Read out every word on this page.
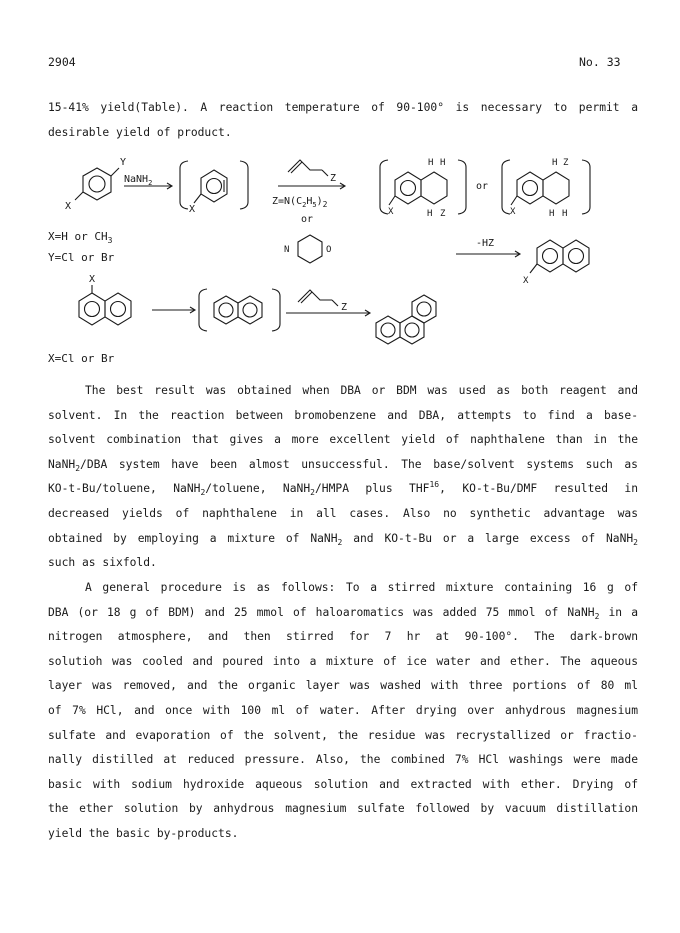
2904	No. 33
15-41% yield(Table). A reaction temperature of 90-100° is necessary to permit a
desirable yield of product.
Y
X
NaNH$_2$
X
Z
$Z=N(C_2H_5)_2$
or
N	O
X
H H
H Z
or
X
H Z
H H
-HZ
X
X=H or $CH_3$
Y=Cl or Br
X
Z
X=Cl or Br
The best result was obtained when DBA or BDM was used as both reagent and
solvent. In the reaction between bromobenzene and DBA, attempts to find a base-
solvent combination that gives a more excellent yield of naphthalene than in the
NaNH$_2$/DBA system have been almost unsuccessful. The base/solvent systems such as
KO-t-Bu/toluene, NaNH$_2$/toluene, NaNH$_2$/HMPA plus THF$^{16}$, KO-t-Bu/DMF resulted in
decreased yields of naphthalene in all cases. Also no synthetic advantage was
obtained by employing a mixture of NaNH$_2$ and KO-t-Bu or a large excess of NaNH$_2$
such as sixfold.
A general procedure is as follows: To a stirred mixture containing 16 g of
DBA (or 18 g of BDM) and 25 mmol of haloaromatics was added 75 mmol of NaNH$_2$ in a
nitrogen atmosphere, and then stirred for 7 hr at 90-100°. The dark-brown
solutioh was cooled and poured into a mixture of ice water and ether. The aqueous
layer was removed, and the organic layer was washed with three portions of 80 ml
of 7% HCl, and once with 100 ml of water. After drying over anhydrous magnesium
sulfate and evaporation of the solvent, the residue was recrystallized or fractio-
nally distilled at reduced pressure. Also, the combined 7% HCl washings were made
basic with sodium hydroxide aqueous solution and extracted with ether. Drying of
the ether solution by anhydrous magnesium sulfate followed by vacuum distillation
yield the basic by-products.
